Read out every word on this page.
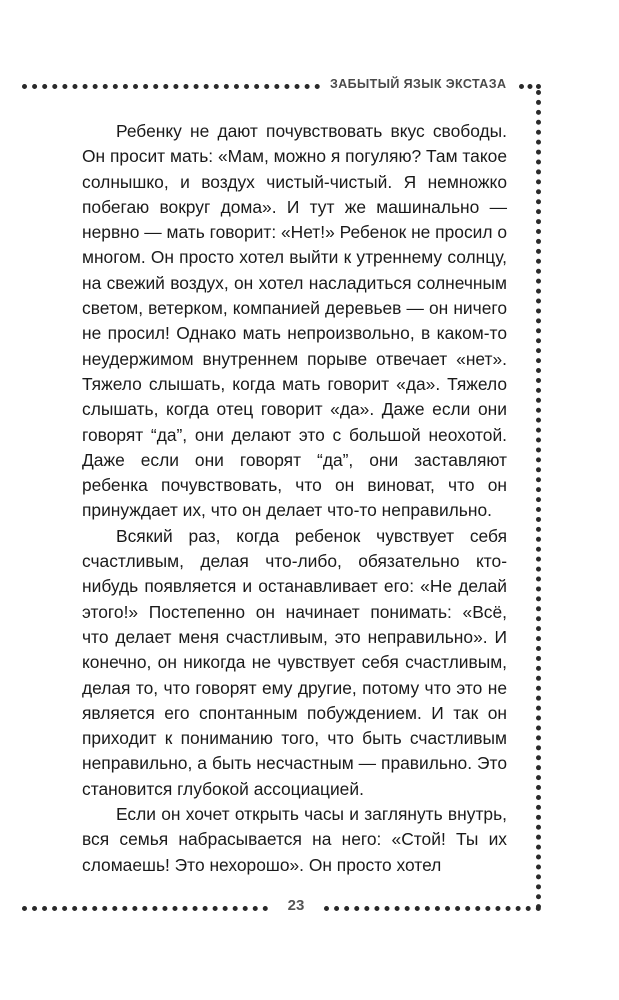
ЗАБЫТЫЙ ЯЗЫК ЭКСТАЗА

Ребенку не дают почувствовать вкус свободы. Он просит мать: «Мам, можно я погуляю? Там такое солнышко, и воздух чистый-чистый. Я немножко побегаю вокруг дома». И тут же машинально — нервно — мать говорит: «Нет!» Ребенок не просил о многом. Он просто хотел выйти к утреннему солнцу, на свежий воздух, он хотел насладиться солнечным светом, ветерком, компанией деревьев — он ничего не просил! Однако мать непроизвольно, в каком-то неудержимом внутреннем порыве отвечает «нет». Тяжело слышать, когда мать говорит «да». Тяжело слышать, когда отец говорит «да». Даже если они говорят “да”, они делают это с большой неохотой. Даже если они говорят “да”, они заставляют ребенка почувствовать, что он виноват, что он принуждает их, что он делает что-то неправильно.

Всякий раз, когда ребенок чувствует себя счастливым, делая что-либо, обязательно кто-нибудь появляется и останавливает его: «Не делай этого!» Постепенно он начинает понимать: «Всё, что делает меня счастливым, это неправильно». И конечно, он никогда не чувствует себя счастливым, делая то, что говорят ему другие, потому что это не является его спонтанным побуждением. И так он приходит к пониманию того, что быть счастливым неправильно, а быть несчастным — правильно. Это становится глубокой ассоциацией.

Если он хочет открыть часы и заглянуть внутрь, вся семья набрасывается на него: «Стой! Ты их сломаешь! Это нехорошо». Он просто хотел

23
